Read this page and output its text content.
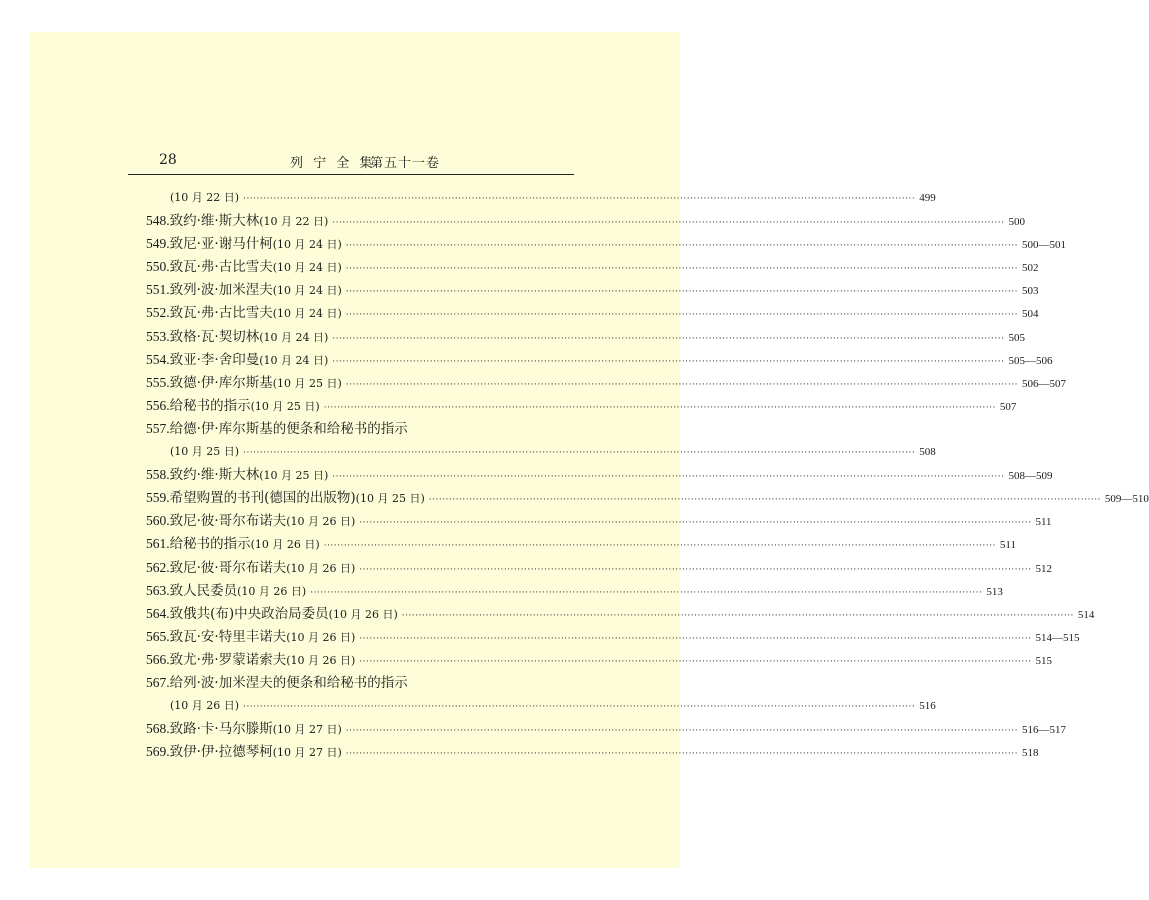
28	列 宁 全 集
第五十一卷
(10 月 22 日) ········································································································································································································ 499
548.致约·维·斯大林(10 月 22 日) ········································································································································································································ 500
549.致尼·亚·谢马什柯(10 月 24 日) ········································································································································································································ 500—501
550.致瓦·弗·古比雪夫(10 月 24 日) ········································································································································································································ 502
551.致列·波·加米涅夫(10 月 24 日) ········································································································································································································ 503
552.致瓦·弗·古比雪夫(10 月 24 日) ········································································································································································································ 504
553.致格·瓦·契切林(10 月 24 日) ········································································································································································································ 505
554.致亚·李·舍印曼(10 月 24 日) ········································································································································································································ 505—506
555.致德·伊·库尔斯基(10 月 25 日) ········································································································································································································ 506—507
556.给秘书的指示(10 月 25 日) ········································································································································································································ 507
557.给德·伊·库尔斯基的便条和给秘书的指示
(10 月 25 日) ········································································································································································································ 508
558.致约·维·斯大林(10 月 25 日) ········································································································································································································ 508—509
559.希望购置的书刊(德国的出版物)(10 月 25 日) ········································································································································································································ 509—510
560.致尼·彼·哥尔布诺夫(10 月 26 日) ········································································································································································································ 511
561.给秘书的指示(10 月 26 日) ········································································································································································································ 511
562.致尼·彼·哥尔布诺夫(10 月 26 日) ········································································································································································································ 512
563.致人民委员(10 月 26 日) ········································································································································································································ 513
564.致俄共(布)中央政治局委员(10 月 26 日) ········································································································································································································ 514
565.致瓦·安·特里丰诺夫(10 月 26 日) ········································································································································································································ 514—515
566.致尤·弗·罗蒙诺索夫(10 月 26 日) ········································································································································································································ 515
567.给列·波·加米涅夫的便条和给秘书的指示
(10 月 26 日) ········································································································································································································ 516
568.致路·卡·马尔滕斯(10 月 27 日) ········································································································································································································ 516—517
569.致伊·伊·拉德琴柯(10 月 27 日) ········································································································································································································ 518
